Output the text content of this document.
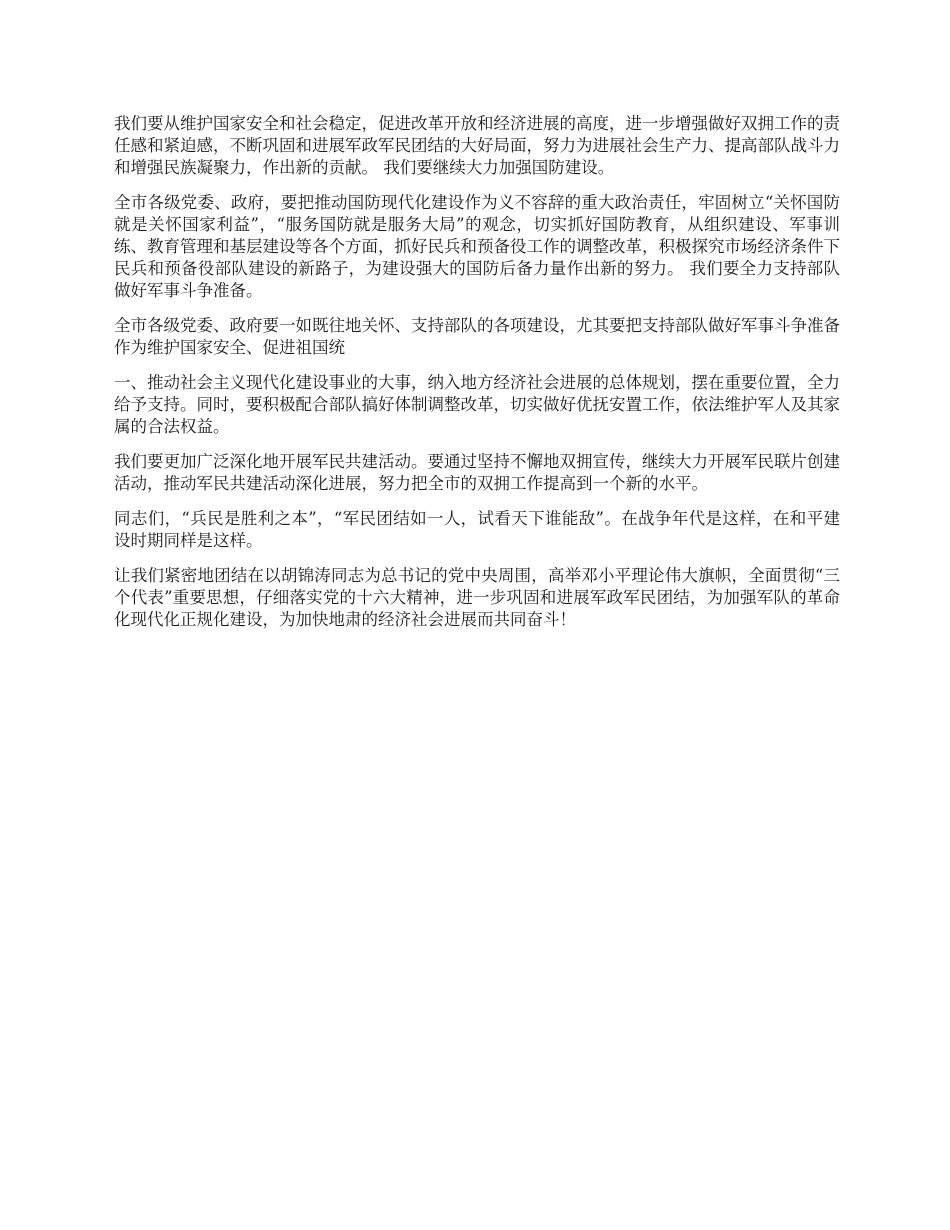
我们要从维护国家安全和社会稳定，促进改革开放和经济进展的高度，进一步增强做好双拥工作的责任感和紧迫感，不断巩固和进展军政军民团结的大好局面，努力为进展社会生产力、提高部队战斗力和增强民族凝聚力，作出新的贡献。 我们要继续大力加强国防建设。

全市各级党委、政府，要把推动国防现代化建设作为义不容辞的重大政治责任，牢固树立“关怀国防就是关怀国家利益”，“服务国防就是服务大局”的观念，切实抓好国防教育，从组织建设、军事训练、教育管理和基层建设等各个方面，抓好民兵和预备役工作的调整改革，积极探究市场经济条件下民兵和预备役部队建设的新路子，为建设强大的国防后备力量作出新的努力。 我们要全力支持部队做好军事斗争准备。

全市各级党委、政府要一如既往地关怀、支持部队的各项建设，尤其要把支持部队做好军事斗争准备作为维护国家安全、促进祖国统

一、推动社会主义现代化建设事业的大事，纳入地方经济社会进展的总体规划，摆在重要位置，全力给予支持。同时，要积极配合部队搞好体制调整改革，切实做好优抚安置工作，依法维护军人及其家属的合法权益。

我们要更加广泛深化地开展军民共建活动。要通过坚持不懈地双拥宣传，继续大力开展军民联片创建活动，推动军民共建活动深化进展，努力把全市的双拥工作提高到一个新的水平。

同志们，“兵民是胜利之本”，“军民团结如一人，试看天下谁能敌”。在战争年代是这样，在和平建设时期同样是这样。

让我们紧密地团结在以胡锦涛同志为总书记的党中央周围，高举邓小平理论伟大旗帜，全面贯彻“三个代表”重要思想，仔细落实党的十六大精神，进一步巩固和进展军政军民团结，为加强军队的革命化现代化正规化建设，为加快地肃的经济社会进展而共同奋斗！
